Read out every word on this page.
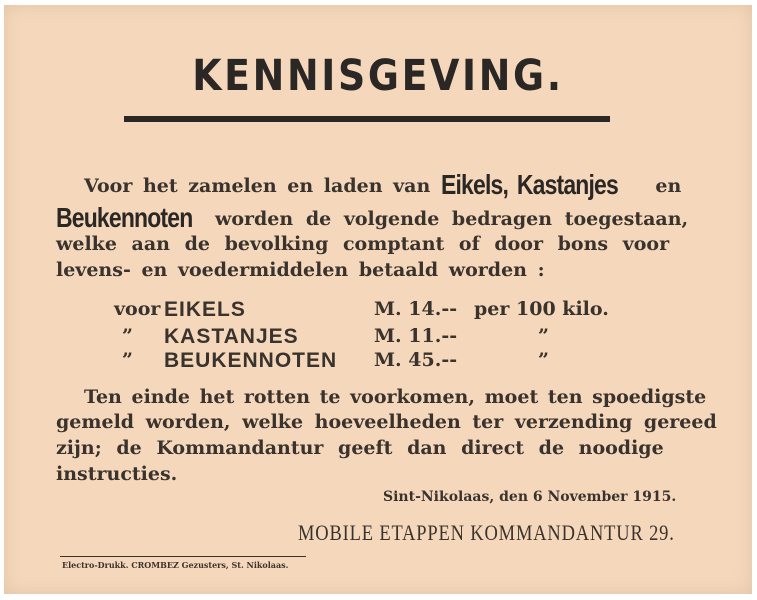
KENNISGEVING.
Voor het zamelen en laden van Eikels, Kastanjes en
Beukennoten worden de volgende bedragen toegestaan,
welke aan de bevolking comptant of door bons voor
levens- en voedermiddelen betaald worden :
voor EIKELS	M. 14.-- per 100 kilo.
”	KASTANJES	M. 11.--	”
”	BEUKENNOTEN M. 45.--	”
Ten einde het rotten te voorkomen, moet ten spoedigste
gemeld worden, welke hoeveelheden ter verzending gereed
zijn; de Kommandantur geeft dan direct de noodige
instructies.
Sint-Nikolaas, den 6 November 1915.
MOBILE ETAPPEN KOMMANDANTUR 29.
Electro-Drukk. CROMBEZ Gezusters, St. Nikolaas.
